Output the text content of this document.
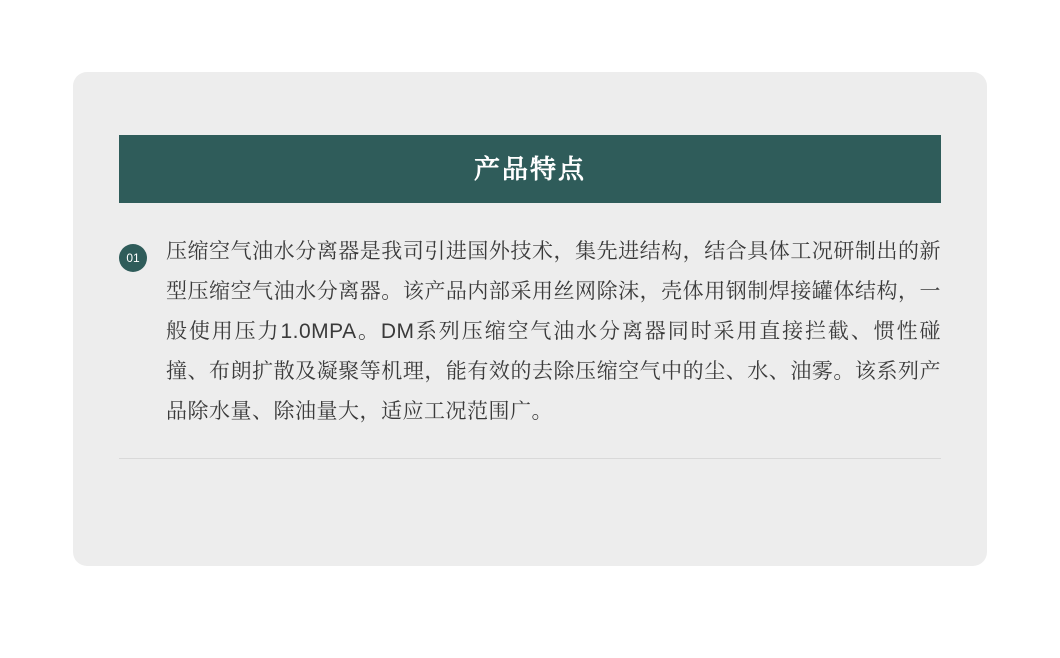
产品特点
01	压缩空气油水分离器是我司引进国外技术，集先进结构，结合具体工况研制出的新型压缩空气油水分离器。该产品内部采用丝网除沫，壳体用钢制焊接罐体结构，一般使用压力1.0MPA。DM系列压缩空气油水分离器同时采用直接拦截、惯性碰撞、布朗扩散及凝聚等机理，能有效的去除压缩空气中的尘、水、油雾。该系列产品除水量、除油量大，适应工况范围广。
